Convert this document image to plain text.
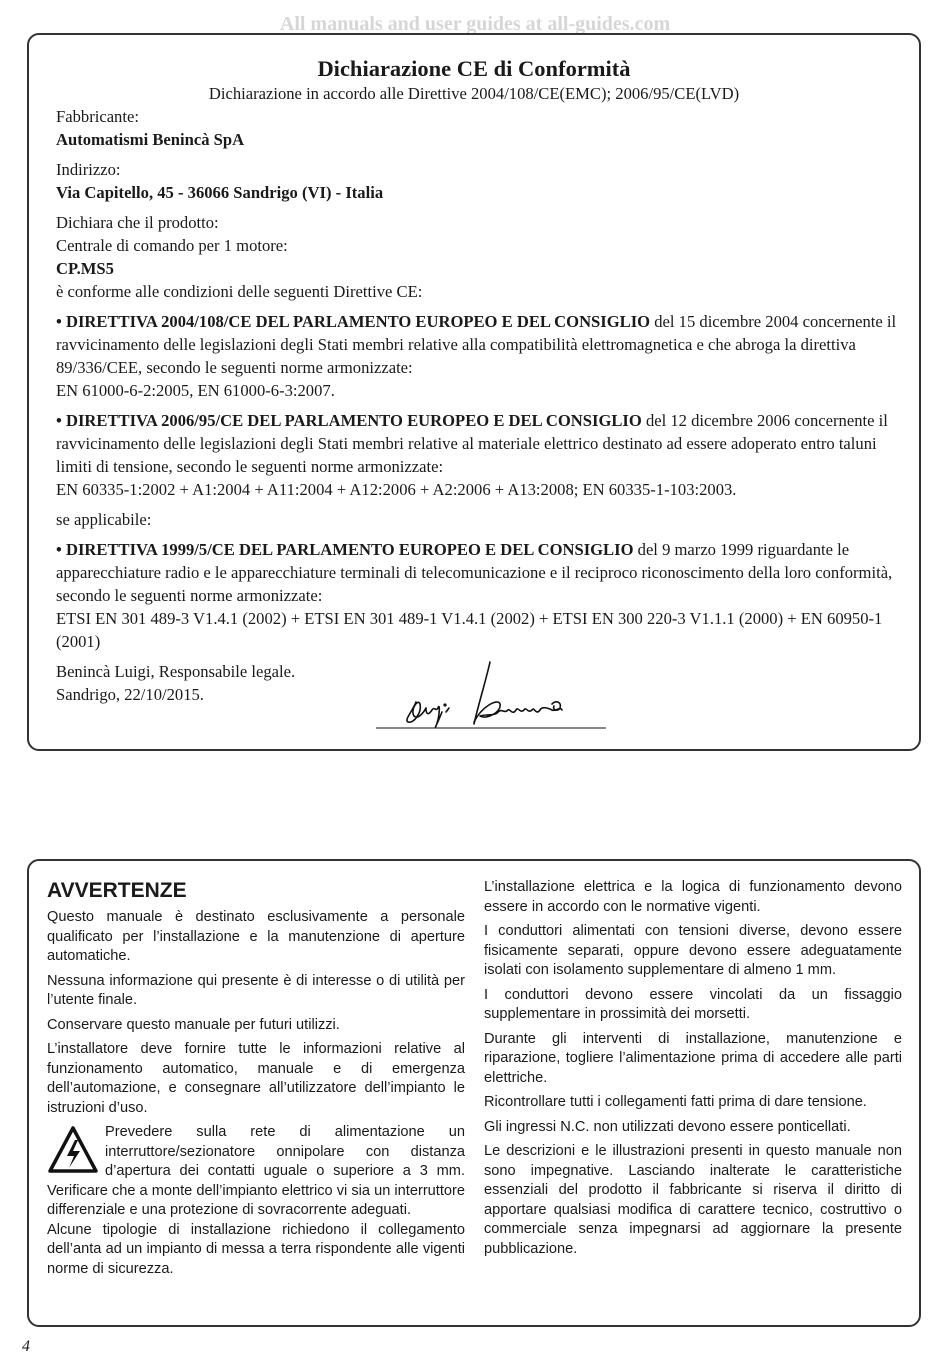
All manuals and user guides at all-guides.com
Dichiarazione CE di Conformità
Dichiarazione in accordo alle Direttive 2004/108/CE(EMC); 2006/95/CE(LVD)

Fabbricante:

Automatismi Benincà SpA

Indirizzo:

Via Capitello, 45 - 36066 Sandrigo (VI) - Italia

Dichiara che il prodotto:

Centrale di comando per 1 motore:

CP.MS5

è conforme alle condizioni delle seguenti Direttive CE:

• DIRETTIVA 2004/108/CE DEL PARLAMENTO EUROPEO E DEL CONSIGLIO del 15 dicembre 2004 concernente il ravvicinamento delle legislazioni degli Stati membri relative alla compatibilità elettromagnetica e che abroga la direttiva 89/336/CEE, secondo le seguenti norme armonizzate:

EN 61000-6-2:2005, EN 61000-6-3:2007.

• DIRETTIVA 2006/95/CE DEL PARLAMENTO EUROPEO E DEL CONSIGLIO del 12 dicembre 2006 concernente il ravvicinamento delle legislazioni degli Stati membri relative al materiale elettrico destinato ad essere adoperato entro taluni limiti di tensione, secondo le seguenti norme armonizzate:

EN 60335-1:2002 + A1:2004 + A11:2004 + A12:2006 + A2:2006 + A13:2008; EN 60335-1-103:2003.

se applicabile:

• DIRETTIVA 1999/5/CE DEL PARLAMENTO EUROPEO E DEL CONSIGLIO del 9 marzo 1999 riguardante le apparecchiature radio e le apparecchiature terminali di telecomunicazione e il reciproco riconoscimento della loro conformità, secondo le seguenti norme armonizzate:

ETSI EN 301 489-3 V1.4.1 (2002) + ETSI EN 301 489-1 V1.4.1 (2002) + ETSI EN 300 220-3 V1.1.1 (2000) + EN 60950-1 (2001)

Benincà Luigi, Responsabile legale.

Sandrigo, 22/10/2015.

AVVERTENZE

Questo manuale è destinato esclusivamente a personale qualificato per l’installazione e la manutenzione di aperture automatiche.

Nessuna informazione qui presente è di interesse o di utilità per l’utente finale.

Conservare questo manuale per futuri utilizzi.

L’installatore deve fornire tutte le informazioni relative al funzionamento automatico, manuale e di emergenza dell’automazione, e consegnare all’utilizzatore dell’impianto le istruzioni d’uso.

Prevedere sulla rete di alimentazione un interruttore/sezionatore onnipolare con distanza d’apertura dei contatti uguale o superiore a 3 mm. Verificare che a monte dell’impianto elettrico vi sia un interruttore differenziale e una protezione di sovracorrente adeguati.

Alcune tipologie di installazione richiedono il collegamento dell’anta ad un impianto di messa a terra rispondente alle vigenti norme di sicurezza.

L’installazione elettrica e la logica di funzionamento devono essere in accordo con le normative vigenti.

I conduttori alimentati con tensioni diverse, devono essere fisicamente separati, oppure devono essere adeguatamente isolati con isolamento supplementare di almeno 1 mm.

I conduttori devono essere vincolati da un fissaggio supplementare in prossimità dei morsetti.

Durante gli interventi di installazione, manutenzione e riparazione, togliere l’alimentazione prima di accedere alle parti elettriche.

Ricontrollare tutti i collegamenti fatti prima di dare tensione.

Gli ingressi N.C. non utilizzati devono essere ponticellati.

Le descrizioni e le illustrazioni presenti in questo manuale non sono impegnative. Lasciando inalterate le caratteristiche essenziali del prodotto il fabbricante si riserva il diritto di apportare qualsiasi modifica di carattere tecnico, costruttivo o commerciale senza impegnarsi ad aggiornare la presente pubblicazione.

4
